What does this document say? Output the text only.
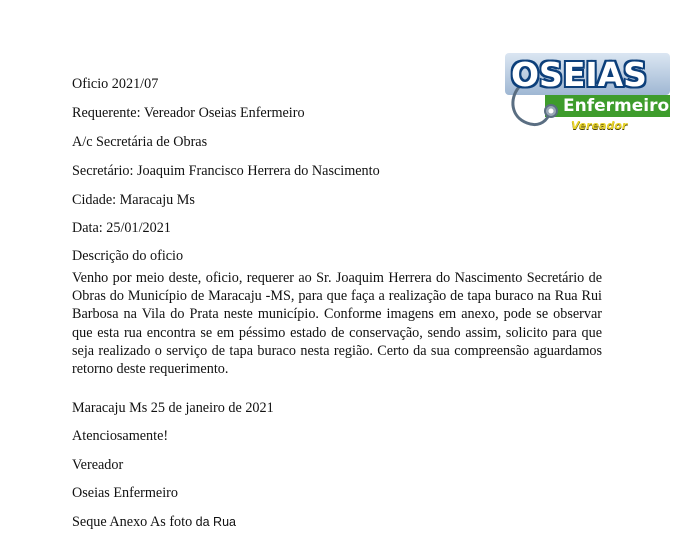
Oficio 2021/07
Requerente: Vereador Oseias Enfermeiro
A/c Secretária de Obras
Secretário: Joaquim Francisco Herrera do Nascimento
Cidade: Maracaju Ms
Data: 25/01/2021
Descrição do oficio
Venho por meio deste, oficio, requerer ao Sr. Joaquim Herrera do Nascimento Secretário de Obras do Município de Maracaju -MS, para que faça a realização de tapa buraco na Rua Rui Barbosa na Vila do Prata neste município. Conforme imagens em anexo, pode se observar que esta rua encontra se em péssimo estado de conservação, sendo assim, solicito para que seja realizado o serviço de tapa buraco nesta região. Certo da sua compreensão aguardamos retorno deste requerimento.
Maracaju Ms 25 de janeiro de 2021
Atenciosamente!
Vereador
Oseias Enfermeiro
Seque Anexo As foto da Rua
OSEIAS
Enfermeiro
Vereador
